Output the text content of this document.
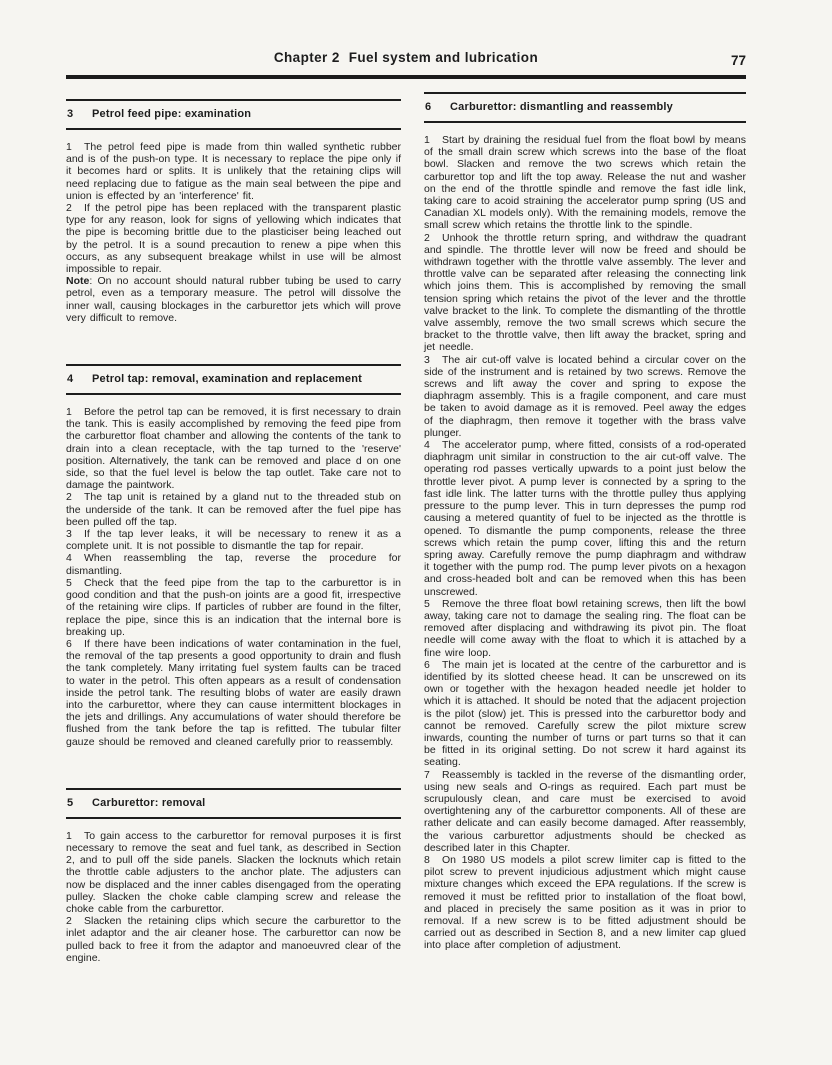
Chapter 2 Fuel system and lubrication	77
3 Petrol feed pipe: examination
1 The petrol feed pipe is made from thin walled synthetic rubber and is of the push-on type. It is necessary to replace the pipe only if it becomes hard or splits. It is unlikely that the retaining clips will need replacing due to fatigue as the main seal between the pipe and union is effected by an 'interference' fit.
2 If the petrol pipe has been replaced with the transparent plastic type for any reason, look for signs of yellowing which indicates that the pipe is becoming brittle due to the plasticiser being leached out by the petrol. It is a sound precaution to renew a pipe when this occurs, as any subsequent breakage whilst in use will be almost impossible to repair.
Note: On no account should natural rubber tubing be used to carry petrol, even as a temporary measure. The petrol will dissolve the inner wall, causing blockages in the carburettor jets which will prove very difficult to remove.
4 Petrol tap: removal, examination and replacement
1 Before the petrol tap can be removed, it is first necessary to drain the tank. This is easily accomplished by removing the feed pipe from the carburettor float chamber and allowing the contents of the tank to drain into a clean receptacle, with the tap turned to the 'reserve' position. Alternatively, the tank can be removed and place d on one side, so that the fuel level is below the tap outlet. Take care not to damage the paintwork.
2 The tap unit is retained by a gland nut to the threaded stub on the underside of the tank. It can be removed after the fuel pipe has been pulled off the tap.
3 If the tap lever leaks, it will be necessary to renew it as a complete unit. It is not possible to dismantle the tap for repair.
4 When reassembling the tap, reverse the procedure for dismantling.
5 Check that the feed pipe from the tap to the carburettor is in good condition and that the push-on joints are a good fit, irrespective of the retaining wire clips. If particles of rubber are found in the filter, replace the pipe, since this is an indication that the internal bore is breaking up.
6 If there have been indications of water contamination in the fuel, the removal of the tap presents a good opportunity to drain and flush the tank completely. Many irritating fuel system faults can be traced to water in the petrol. This often appears as a result of condensation inside the petrol tank. The resulting blobs of water are easily drawn into the carburettor, where they can cause intermittent blockages in the jets and drillings. Any accumulations of water should therefore be flushed from the tank before the tap is refitted. The tubular filter gauze should be removed and cleaned carefully prior to reassembly.
5 Carburettor: removal
1 To gain access to the carburettor for removal purposes it is first necessary to remove the seat and fuel tank, as described in Section 2, and to pull off the side panels. Slacken the locknuts which retain the throttle cable adjusters to the anchor plate. The adjusters can now be displaced and the inner cables disengaged from the operating pulley. Slacken the choke cable clamping screw and release the choke cable from the carburettor.
2 Slacken the retaining clips which secure the carburettor to the inlet adaptor and the air cleaner hose. The carburettor can now be pulled back to free it from the adaptor and manoeuvred clear of the engine.
6 Carburettor: dismantling and reassembly
1 Start by draining the residual fuel from the float bowl by means of the small drain screw which screws into the base of the float bowl. Slacken and remove the two screws which retain the carburettor top and lift the top away. Release the nut and washer on the end of the throttle spindle and remove the fast idle link, taking care to acoid straining the accelerator pump spring (US and Canadian XL models only). With the remaining models, remove the small screw which retains the throttle link to the spindle.
2 Unhook the throttle return spring, and withdraw the quadrant and spindle. The throttle lever will now be freed and should be withdrawn together with the throttle valve assembly. The lever and throttle valve can be separated after releasing the connecting link which joins them. This is accomplished by removing the small tension spring which retains the pivot of the lever and the throttle valve bracket to the link. To complete the dismantling of the throttle valve assembly, remove the two small screws which secure the bracket to the throttle valve, then lift away the bracket, spring and jet needle.
3 The air cut-off valve is located behind a circular cover on the side of the instrument and is retained by two screws. Remove the screws and lift away the cover and spring to expose the diaphragm assembly. This is a fragile component, and care must be taken to avoid damage as it is removed. Peel away the edges of the diaphragm, then remove it together with the brass valve plunger.
4 The accelerator pump, where fitted, consists of a rod-operated diaphragm unit similar in construction to the air cut-off valve. The operating rod passes vertically upwards to a point just below the throttle lever pivot. A pump lever is connected by a spring to the fast idle link. The latter turns with the throttle pulley thus applying pressure to the pump lever. This in turn depresses the pump rod causing a metered quantity of fuel to be injected as the throttle is opened. To dismantle the pump components, release the three screws which retain the pump cover, lifting this and the return spring away. Carefully remove the pump diaphragm and withdraw it together with the pump rod. The pump lever pivots on a hexagon and cross-headed bolt and can be removed when this has been unscrewed.
5 Remove the three float bowl retaining screws, then lift the bowl away, taking care not to damage the sealing ring. The float can be removed after displacing and withdrawing its pivot pin. The float needle will come away with the float to which it is attached by a fine wire loop.
6 The main jet is located at the centre of the carburettor and is identified by its slotted cheese head. It can be unscrewed on its own or together with the hexagon headed needle jet holder to which it is attached. It should be noted that the adjacent projection is the pilot (slow) jet. This is pressed into the carburettor body and cannot be removed. Carefully screw the pilot mixture screw inwards, counting the number of turns or part turns so that it can be fitted in its original setting. Do not screw it hard against its seating.
7 Reassembly is tackled in the reverse of the dismantling order, using new seals and O-rings as required. Each part must be scrupulously clean, and care must be exercised to avoid overtightening any of the carburettor components. All of these are rather delicate and can easily become damaged. After reassembly, the various carburettor adjustments should be checked as described later in this Chapter.
8 On 1980 US models a pilot screw limiter cap is fitted to the pilot screw to prevent injudicious adjustment which might cause mixture changes which exceed the EPA regulations. If the screw is removed it must be refitted prior to installation of the float bowl, and placed in precisely the same position as it was in prior to removal. If a new screw is to be fitted adjustment should be carried out as described in Section 8, and a new limiter cap glued into place after completion of adjustment.
